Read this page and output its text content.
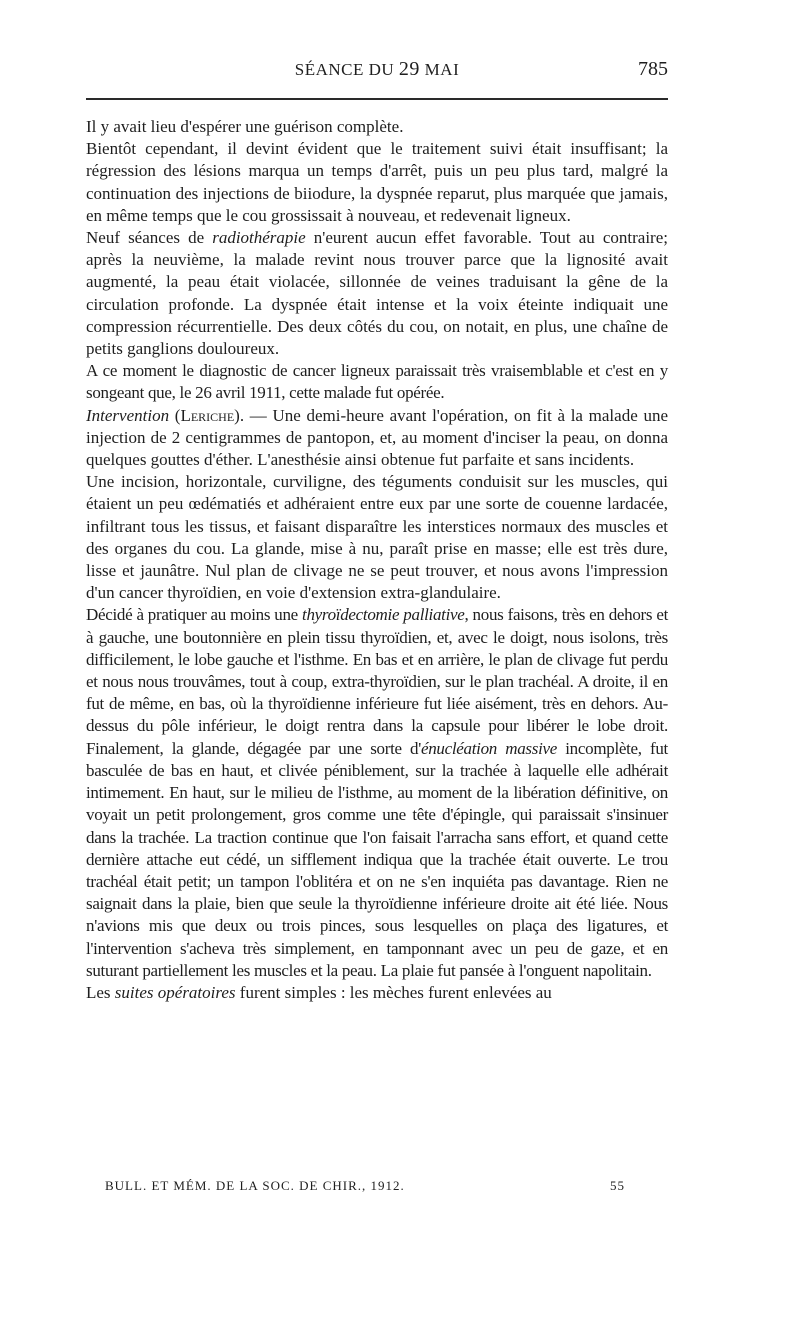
SÉANCE DU 29 MAI	785

Il y avait lieu d'espérer une guérison complète.

Bientôt cependant, il devint évident que le traitement suivi était insuffisant; la régression des lésions marqua un temps d'arrêt, puis un peu plus tard, malgré la continuation des injections de biiodure, la dyspnée reparut, plus marquée que jamais, en même temps que le cou grossissait à nouveau, et redevenait ligneux.

Neuf séances de radiothérapie n'eurent aucun effet favorable. Tout au contraire; après la neuvième, la malade revint nous trouver parce que la lignosité avait augmenté, la peau était violacée, sillonnée de veines traduisant la gêne de la circulation profonde. La dyspnée était intense et la voix éteinte indiquait une compression récurrentielle. Des deux côtés du cou, on notait, en plus, une chaîne de petits ganglions douloureux.

A ce moment le diagnostic de cancer ligneux paraissait très vraisemblable et c'est en y songeant que, le 26 avril 1911, cette malade fut opérée.

Intervention (Leriche). — Une demi-heure avant l'opération, on fit à la malade une injection de 2 centigrammes de pantopon, et, au moment d'inciser la peau, on donna quelques gouttes d'éther. L'anesthésie ainsi obtenue fut parfaite et sans incidents.

Une incision, horizontale, curviligne, des téguments conduisit sur les muscles, qui étaient un peu œdématiés et adhéraient entre eux par une sorte de couenne lardacée, infiltrant tous les tissus, et faisant disparaître les interstices normaux des muscles et des organes du cou. La glande, mise à nu, paraît prise en masse; elle est très dure, lisse et jaunâtre. Nul plan de clivage ne se peut trouver, et nous avons l'impression d'un cancer thyroïdien, en voie d'extension extra-glandulaire.

Décidé à pratiquer au moins une thyroïdectomie palliative, nous faisons, très en dehors et à gauche, une boutonnière en plein tissu thyroïdien, et, avec le doigt, nous isolons, très difficilement, le lobe gauche et l'isthme. En bas et en arrière, le plan de clivage fut perdu et nous nous trouvâmes, tout à coup, extra-thyroïdien, sur le plan trachéal. A droite, il en fut de même, en bas, où la thyroïdienne inférieure fut liée aisément, très en dehors. Au-dessus du pôle inférieur, le doigt rentra dans la capsule pour libérer le lobe droit. Finalement, la glande, dégagée par une sorte d'énucléation massive incomplète, fut basculée de bas en haut, et clivée péniblement, sur la trachée à laquelle elle adhérait intimement. En haut, sur le milieu de l'isthme, au moment de la libération définitive, on voyait un petit prolongement, gros comme une tête d'épingle, qui paraissait s'insinuer dans la trachée. La traction continue que l'on faisait l'arracha sans effort, et quand cette dernière attache eut cédé, un sifflement indiqua que la trachée était ouverte. Le trou trachéal était petit; un tampon l'oblitéra et on ne s'en inquiéta pas davantage. Rien ne saignait dans la plaie, bien que seule la thyroïdienne inférieure droite ait été liée. Nous n'avions mis que deux ou trois pinces, sous lesquelles on plaça des ligatures, et l'intervention s'acheva très simplement, en tamponnant avec un peu de gaze, et en suturant partiellement les muscles et la peau. La plaie fut pansée à l'onguent napolitain.

Les suites opératoires furent simples : les mèches furent enlevées au

BULL. ET MÉM. DE LA SOC. DE CHIR., 1912.	55
